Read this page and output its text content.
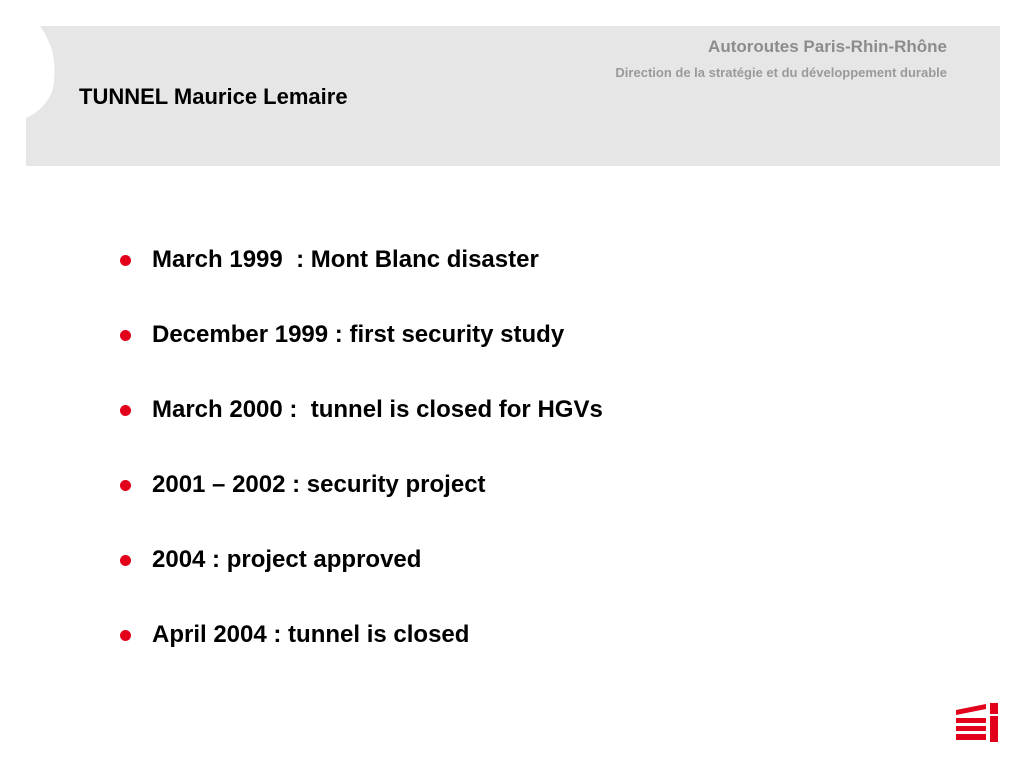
Autoroutes Paris-Rhin-Rhône
Direction de la stratégie et du développement durable
TUNNEL Maurice Lemaire
March 1999  : Mont Blanc disaster
December 1999 : first security study
March 2000 :  tunnel is closed for HGVs
2001 – 2002 : security project
2004 : project approved
April 2004 : tunnel is closed
